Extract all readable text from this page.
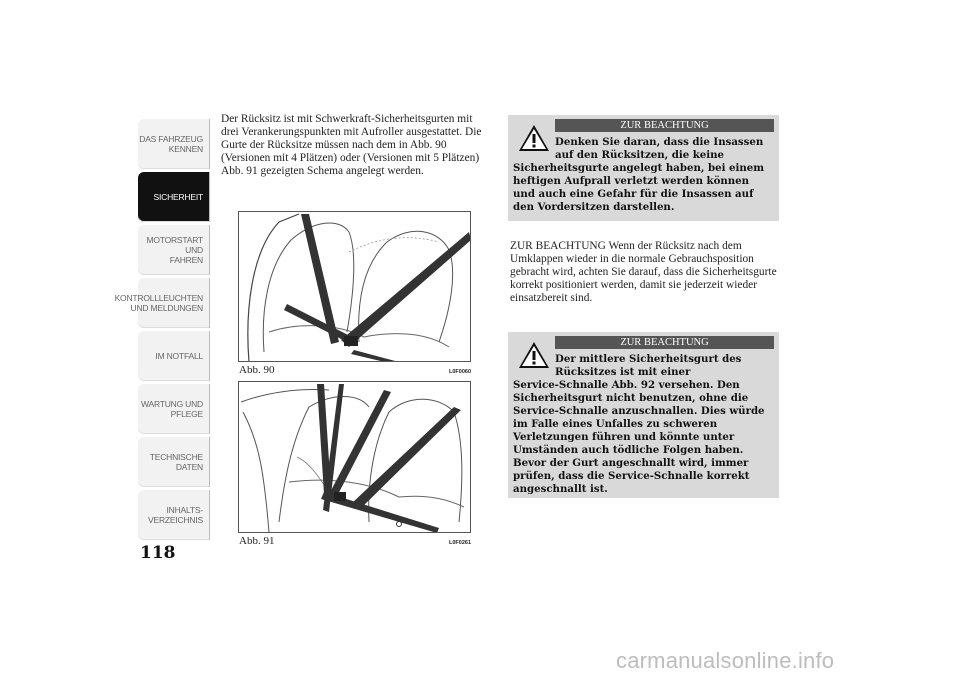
DAS FAHRZEUG
KENNEN
SICHERHEIT
MOTORSTART UND
FAHREN
KONTROLLLEUCHTEN
UND MELDUNGEN
IM NOTFALL
WARTUNG UND
PFLEGE
TECHNISCHE
DATEN
INHALTS-
VERZEICHNIS
118
Der Rücksitz ist mit Schwerkraft-Sicherheitsgurten mit drei Verankerungspunkten mit Aufroller ausgestattet. Die Gurte der Rücksitze müssen nach dem in Abb. 90 (Versionen mit 4 Plätzen) oder (Versionen mit 5 Plätzen) Abb. 91 gezeigten Schema angelegt werden.
Abb. 90	L0F0060
Abb. 91	L0F0261
ZUR BEACHTUNG
Denken Sie daran, dass die Insassen auf den Rücksitzen, die keine
Sicherheitsgurte angelegt haben, bei einem heftigen Aufprall verletzt werden können und auch eine Gefahr für die Insassen auf den Vordersitzen darstellen.
ZUR BEACHTUNG Wenn der Rücksitz nach dem Umklappen wieder in die normale Gebrauchsposition gebracht wird, achten Sie darauf, dass die Sicherheitsgurte korrekt positioniert werden, damit sie jederzeit wieder einsatzbereit sind.
ZUR BEACHTUNG
Der mittlere Sicherheitsgurt des Rücksitzes ist mit einer
Service-Schnalle Abb. 92 versehen. Den Sicherheitsgurt nicht benutzen, ohne die Service-Schnalle anzuschnallen. Dies würde im Falle eines Unfalles zu schweren Verletzungen führen und könnte unter Umständen auch tödliche Folgen haben. Bevor der Gurt angeschnallt wird, immer prüfen, dass die Service-Schnalle korrekt angeschnallt ist.
carmanualsonline.info
